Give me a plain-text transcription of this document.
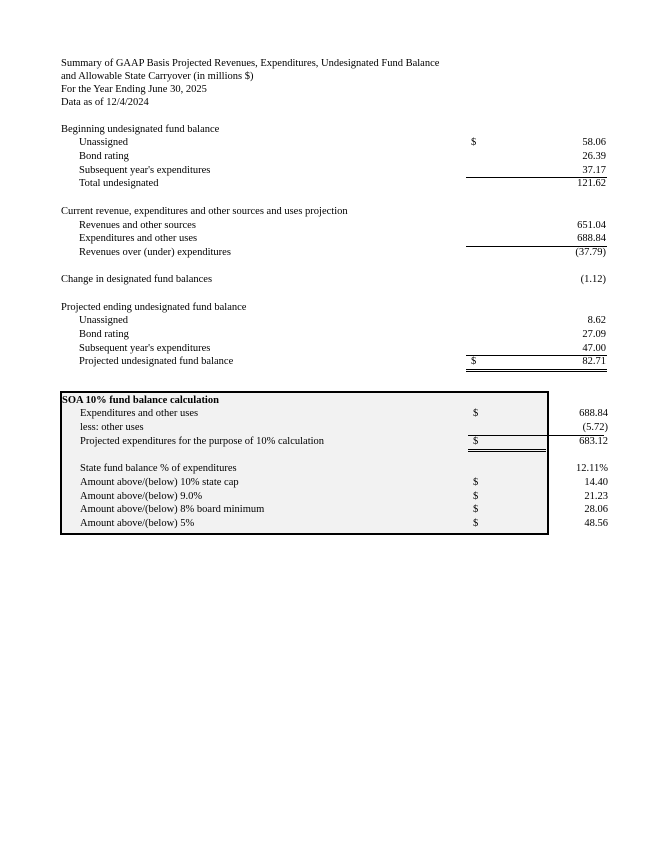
Summary of GAAP Basis Projected Revenues, Expenditures, Undesignated Fund Balance
and Allowable State Carryover (in millions $)
For the Year Ending June 30, 2025
Data as of 12/4/2024
Beginning undesignated fund balance
Unassigned	$	58.06
Bond rating	26.39
Subsequent year's expenditures	37.17
Total undesignated	121.62
Current revenue, expenditures and other sources and uses projection
Revenues and other sources	651.04
Expenditures and other uses	688.84
Revenues over (under) expenditures	(37.79)
Change in designated fund balances	(1.12)
Projected ending undesignated fund balance
Unassigned	8.62
Bond rating	27.09
Subsequent year's expenditures	47.00
Projected undesignated fund balance	$	82.71
SOA 10% fund balance calculation
Expenditures and other uses	$	688.84
less: other uses	(5.72)
Projected expenditures for the purpose of 10% calculation	$	683.12
State fund balance % of expenditures	12.11%
Amount above/(below) 10% state cap	$	14.40
Amount above/(below) 9.0%	$	21.23
Amount above/(below) 8% board minimum	$	28.06
Amount above/(below) 5%	$	48.56
